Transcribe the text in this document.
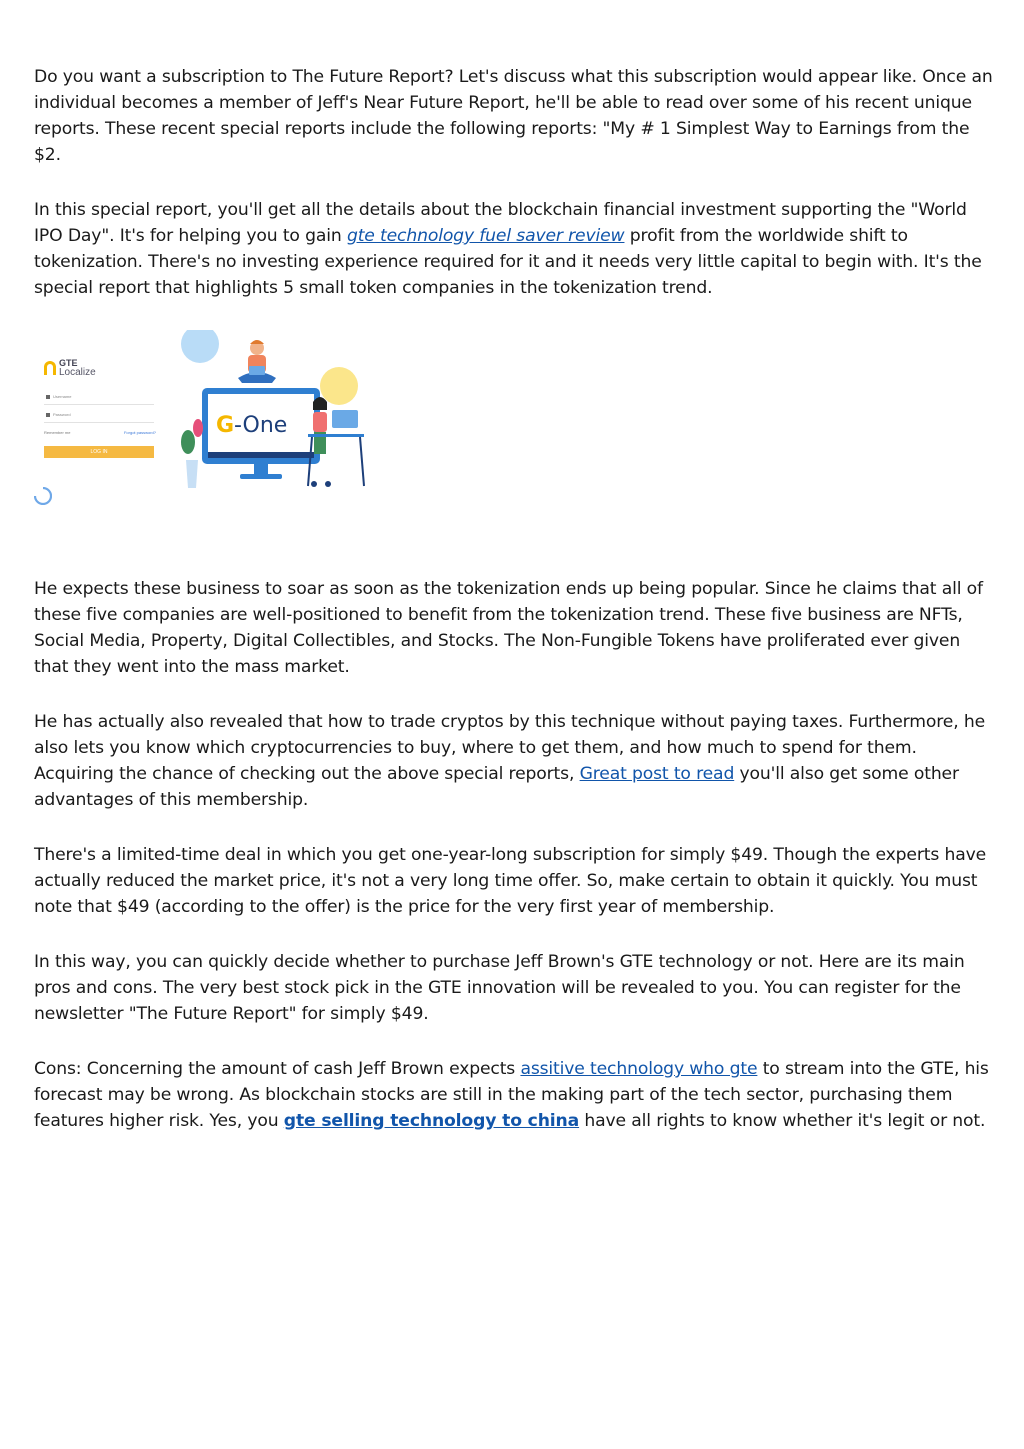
Do you want a subscription to The Future Report? Let's discuss what this subscription would appear like. Once an individual becomes a member of Jeff's Near Future Report, he'll be able to read over some of his recent unique reports. These recent special reports include the following reports: "My # 1 Simplest Way to Earnings from the $2.

In this special report, you'll get all the details about the blockchain financial investment supporting the "World IPO Day". It's for helping you to gain gte technology fuel saver review profit from the worldwide shift to tokenization. There's no investing experience required for it and it needs very little capital to begin with. It's the special report that highlights 5 small token companies in the tokenization trend.

GTE
Localize
Username
Password
Remember me	Forgot password?
LOG IN
G -One

He expects these business to soar as soon as the tokenization ends up being popular. Since he claims that all of these five companies are well-positioned to benefit from the tokenization trend. These five business are NFTs, Social Media, Property, Digital Collectibles, and Stocks. The Non-Fungible Tokens have proliferated ever given that they went into the mass market.

He has actually also revealed that how to trade cryptos by this technique without paying taxes. Furthermore, he also lets you know which cryptocurrencies to buy, where to get them, and how much to spend for them. Acquiring the chance of checking out the above special reports, Great post to read you'll also get some other advantages of this membership.

There's a limited-time deal in which you get one-year-long subscription for simply $49. Though the experts have actually reduced the market price, it's not a very long time offer. So, make certain to obtain it quickly. You must note that $49 (according to the offer) is the price for the very first year of membership.

In this way, you can quickly decide whether to purchase Jeff Brown's GTE technology or not. Here are its main pros and cons. The very best stock pick in the GTE innovation will be revealed to you. You can register for the newsletter "The Future Report" for simply $49.

Cons: Concerning the amount of cash Jeff Brown expects assitive technology who gte to stream into the GTE, his forecast may be wrong. As blockchain stocks are still in the making part of the tech sector, purchasing them features higher risk. Yes, you gte selling technology to china have all rights to know whether it's legit or not.
